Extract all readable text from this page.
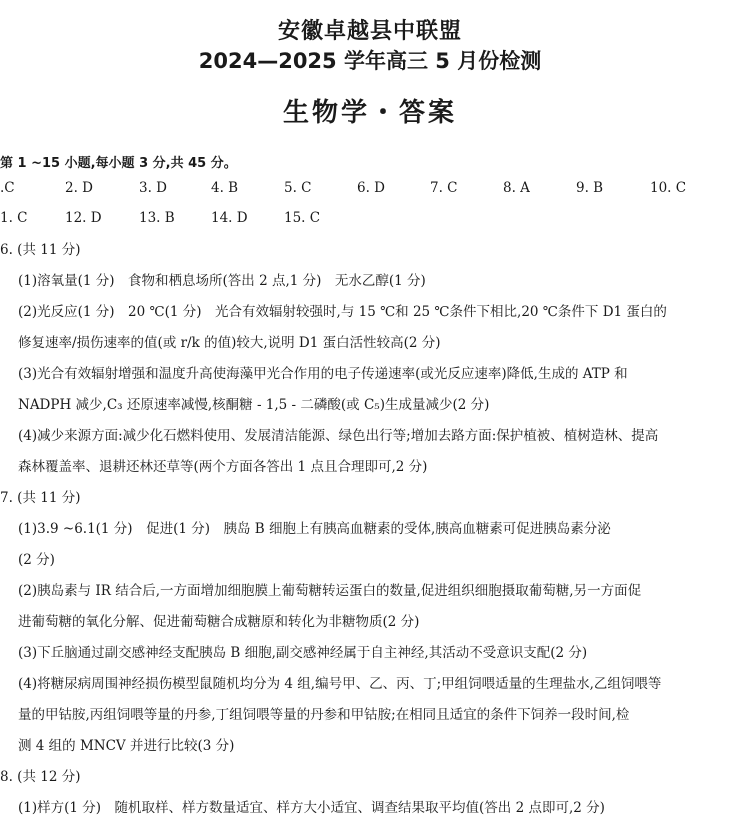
安徽卓越县中联盟
2024—2025 学年高三 5 月份检测
生物学・答案
第 1 ~15 小题,每小题 3 分,共 45 分。
.C	2. D	3. D	4. B	5. C	6. D	7. C	8. A	9. B	10. C
1. C	12. D	13. B	14. D	15. C
6. (共 11 分)
(1)溶氧量(1 分)　食物和栖息场所(答出 2 点,1 分)　无水乙醇(1 分)
(2)光反应(1 分)　20 ℃(1 分)　光合有效辐射较强时,与 15 ℃和 25 ℃条件下相比,20 ℃条件下 D1 蛋白的
修复速率/损伤速率的值(或 r/k 的值)较大,说明 D1 蛋白活性较高(2 分)
(3)光合有效辐射增强和温度升高使海藻甲光合作用的电子传递速率(或光反应速率)降低,生成的 ATP 和
NADPH 减少,C₃ 还原速率减慢,核酮糖 - 1,5 - 二磷酸(或 C₅)生成量减少(2 分)
(4)减少来源方面:减少化石燃料使用、发展清洁能源、绿色出行等;增加去路方面:保护植被、植树造林、提高
森林覆盖率、退耕还林还草等(两个方面各答出 1 点且合理即可,2 分)
7. (共 11 分)
(1)3.9 ~6.1(1 分)　促进(1 分)　胰岛 B 细胞上有胰高血糖素的受体,胰高血糖素可促进胰岛素分泌
(2 分)
(2)胰岛素与 IR 结合后,一方面增加细胞膜上葡萄糖转运蛋白的数量,促进组织细胞摄取葡萄糖,另一方面促
进葡萄糖的氧化分解、促进葡萄糖合成糖原和转化为非糖物质(2 分)
(3)下丘脑通过副交感神经支配胰岛 B 细胞,副交感神经属于自主神经,其活动不受意识支配(2 分)
(4)将糖尿病周围神经损伤模型鼠随机均分为 4 组,编号甲、乙、丙、丁;甲组饲喂适量的生理盐水,乙组饲喂等
量的甲钴胺,丙组饲喂等量的丹参,丁组饲喂等量的丹参和甲钴胺;在相同且适宜的条件下饲养一段时间,检
测 4 组的 MNCV 并进行比较(3 分)
8. (共 12 分)
(1)样方(1 分)　随机取样、样方数量适宜、样方大小适宜、调查结果取平均值(答出 2 点即可,2 分)
